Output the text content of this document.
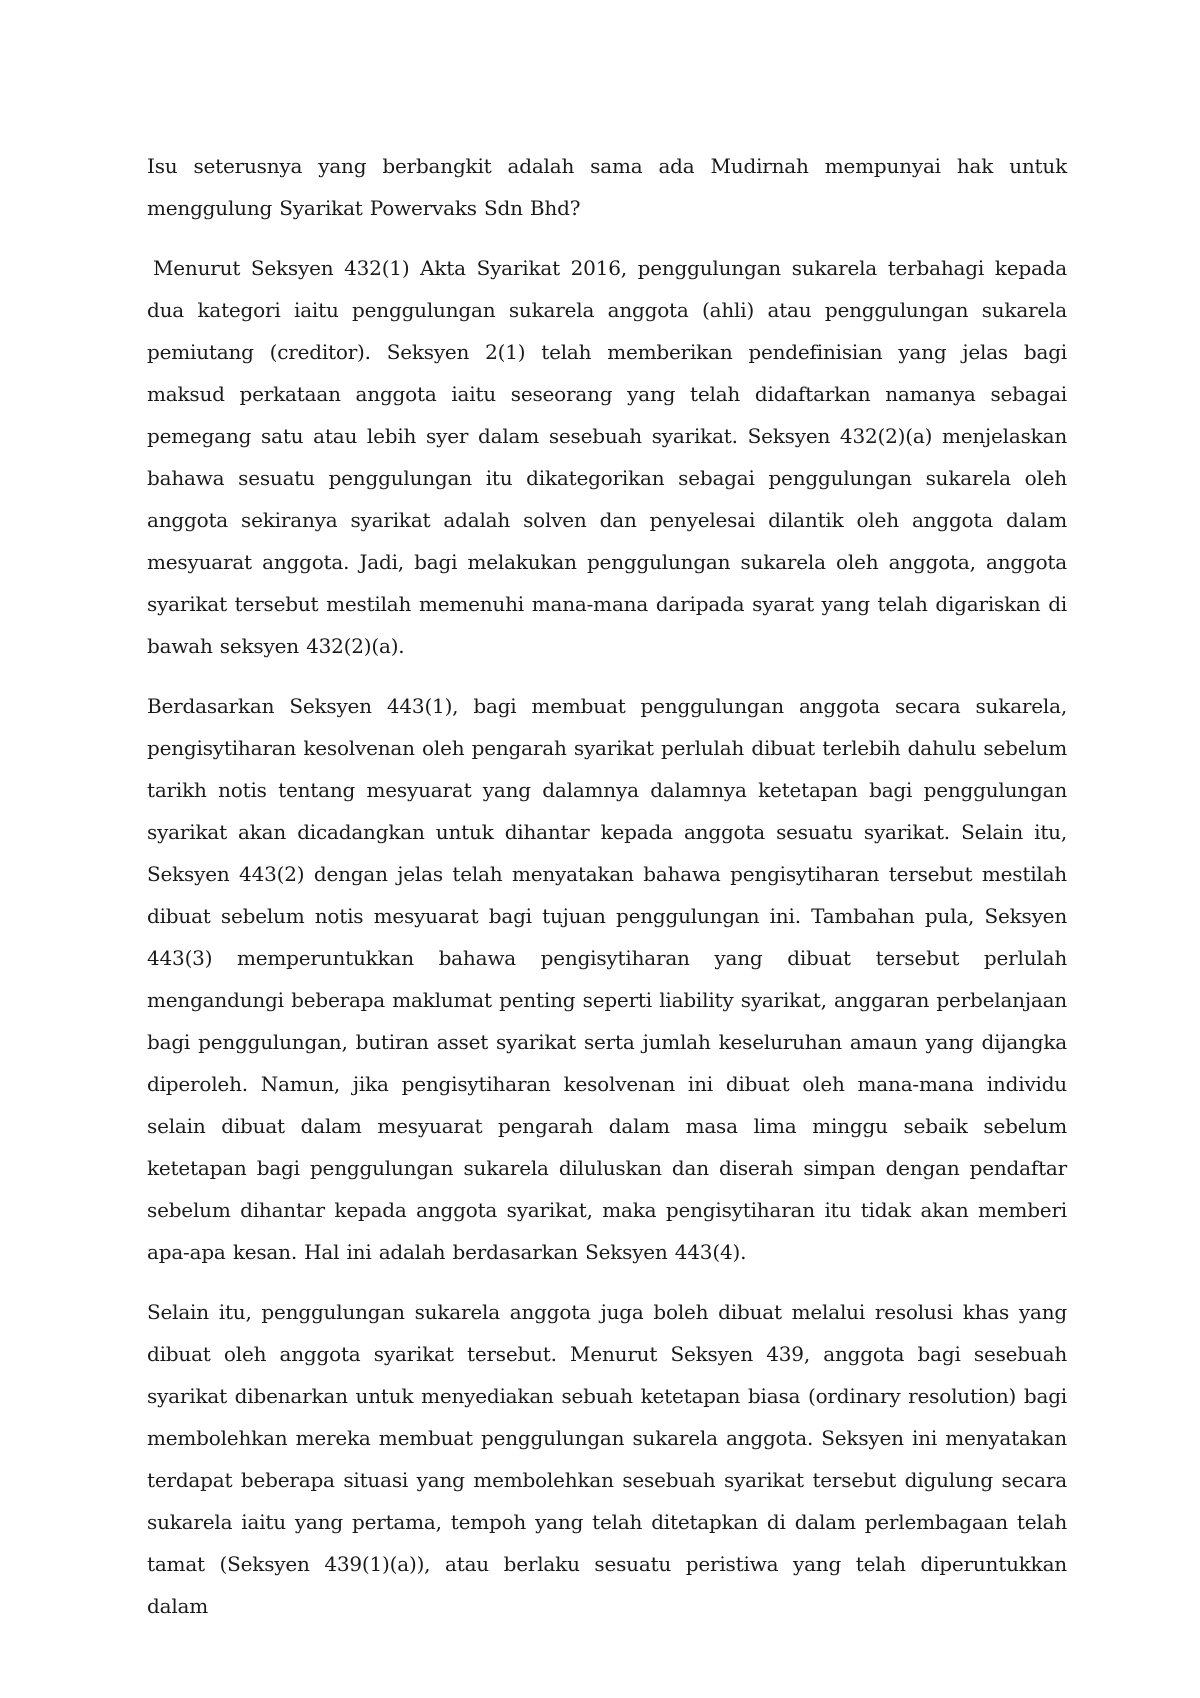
Isu seterusnya yang berbangkit adalah sama ada Mudirnah mempunyai hak untuk menggulung Syarikat Powervaks Sdn Bhd?

Menurut Seksyen 432(1) Akta Syarikat 2016, penggulungan sukarela terbahagi kepada dua kategori iaitu penggulungan sukarela anggota (ahli) atau penggulungan sukarela pemiutang (creditor). Seksyen 2(1) telah memberikan pendefinisian yang jelas bagi maksud perkataan anggota iaitu seseorang yang telah didaftarkan namanya sebagai pemegang satu atau lebih syer dalam sesebuah syarikat. Seksyen 432(2)(a) menjelaskan bahawa sesuatu penggulungan itu dikategorikan sebagai penggulungan sukarela oleh anggota sekiranya syarikat adalah solven dan penyelesai dilantik oleh anggota dalam mesyuarat anggota. Jadi, bagi melakukan penggulungan sukarela oleh anggota, anggota syarikat tersebut mestilah memenuhi mana-mana daripada syarat yang telah digariskan di bawah seksyen 432(2)(a).

Berdasarkan Seksyen 443(1), bagi membuat penggulungan anggota secara sukarela, pengisytiharan kesolvenan oleh pengarah syarikat perlulah dibuat terlebih dahulu sebelum tarikh notis tentang mesyuarat yang dalamnya dalamnya ketetapan bagi penggulungan syarikat akan dicadangkan untuk dihantar kepada anggota sesuatu syarikat. Selain itu, Seksyen 443(2) dengan jelas telah menyatakan bahawa pengisytiharan tersebut mestilah dibuat sebelum notis mesyuarat bagi tujuan penggulungan ini. Tambahan pula, Seksyen 443(3) memperuntukkan bahawa pengisytiharan yang dibuat tersebut perlulah mengandungi beberapa maklumat penting seperti liability syarikat, anggaran perbelanjaan bagi penggulungan, butiran asset syarikat serta jumlah keseluruhan amaun yang dijangka diperoleh. Namun, jika pengisytiharan kesolvenan ini dibuat oleh mana-mana individu selain dibuat dalam mesyuarat pengarah dalam masa lima minggu sebaik sebelum ketetapan bagi penggulungan sukarela diluluskan dan diserah simpan dengan pendaftar sebelum dihantar kepada anggota syarikat, maka pengisytiharan itu tidak akan memberi apa-apa kesan. Hal ini adalah berdasarkan Seksyen 443(4).

Selain itu, penggulungan sukarela anggota juga boleh dibuat melalui resolusi khas yang dibuat oleh anggota syarikat tersebut. Menurut Seksyen 439, anggota bagi sesebuah syarikat dibenarkan untuk menyediakan sebuah ketetapan biasa (ordinary resolution) bagi membolehkan mereka membuat penggulungan sukarela anggota. Seksyen ini menyatakan terdapat beberapa situasi yang membolehkan sesebuah syarikat tersebut digulung secara sukarela iaitu yang pertama, tempoh yang telah ditetapkan di dalam perlembagaan telah tamat (Seksyen 439(1)(a)), atau berlaku sesuatu peristiwa yang telah diperuntukkan dalam
